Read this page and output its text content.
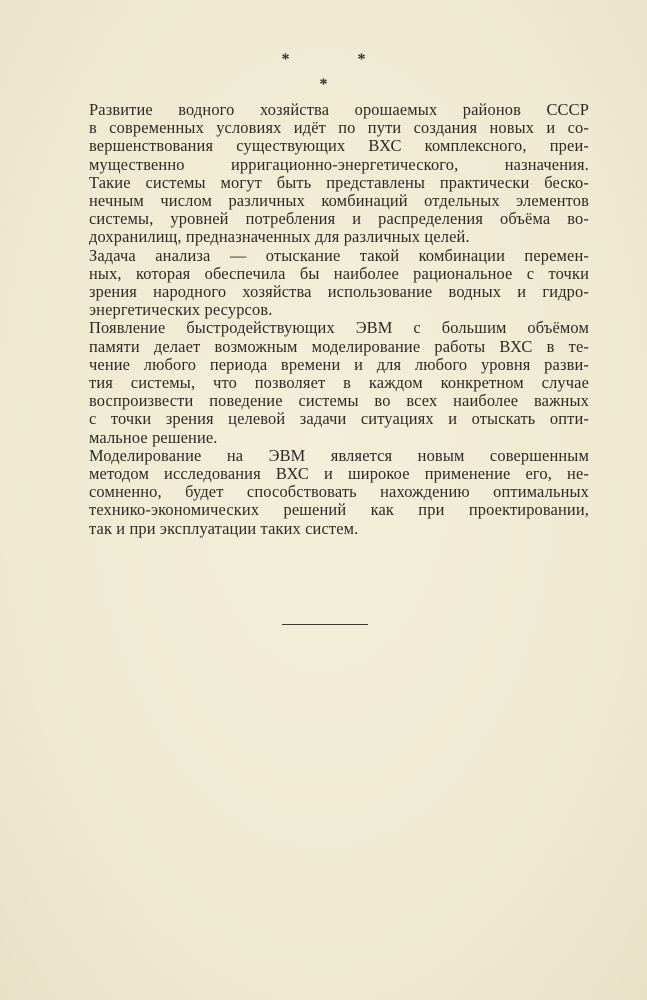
* *
*
Развитие водного хозяйства орошаемых районов СССР
в современных условиях идёт по пути создания новых и со-
вершенствования существующих ВХС комплексного, преи-
мущественно ирригационно-энергетического, назначения.
Такие системы могут быть представлены практически беско-
нечным числом различных комбинаций отдельных элементов
системы, уровней потребления и распределения объёма во-
дохранилищ, предназначенных для различных целей.
Задача анализа — отыскание такой комбинации перемен-
ных, которая обеспечила бы наиболее рациональное с точки
зрения народного хозяйства использование водных и гидро-
энергетических ресурсов.
Появление быстродействующих ЭВМ с большим объёмом
памяти делает возможным моделирование работы ВХС в те-
чение любого периода времени и для любого уровня разви-
тия системы, что позволяет в каждом конкретном случае
воспроизвести поведение системы во всех наиболее важных
с точки зрения целевой задачи ситуациях и отыскать опти-
мальное решение.
Моделирование на ЭВМ является новым совершенным
методом исследования ВХС и широкое применение его, не-
сомненно, будет способствовать нахождению оптимальных
технико-экономических решений как при проектировании,
так и при эксплуатации таких систем.
